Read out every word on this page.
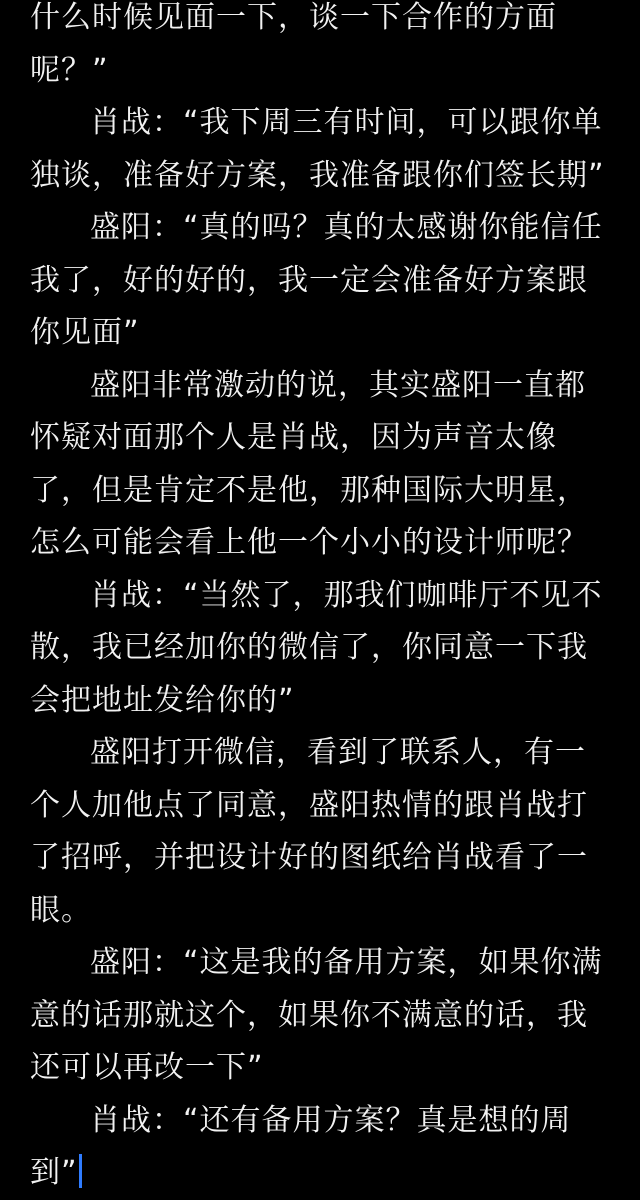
什么时候见面一下，谈一下合作的方面呢？”

肖战：“我下周三有时间，可以跟你单独谈，准备好方案，我准备跟你们签长期”

盛阳：“真的吗？真的太感谢你能信任我了，好的好的，我一定会准备好方案跟你见面”

盛阳非常激动的说，其实盛阳一直都怀疑对面那个人是肖战，因为声音太像了，但是肯定不是他，那种国际大明星，怎么可能会看上他一个小小的设计师呢？

肖战：“当然了，那我们咖啡厅不见不散，我已经加你的微信了，你同意一下我会把地址发给你的”

盛阳打开微信，看到了联系人，有一个人加他点了同意，盛阳热情的跟肖战打了招呼，并把设计好的图纸给肖战看了一眼。

盛阳：“这是我的备用方案，如果你满意的话那就这个，如果你不满意的话，我还可以再改一下”

肖战：“还有备用方案？真是想的周到”
